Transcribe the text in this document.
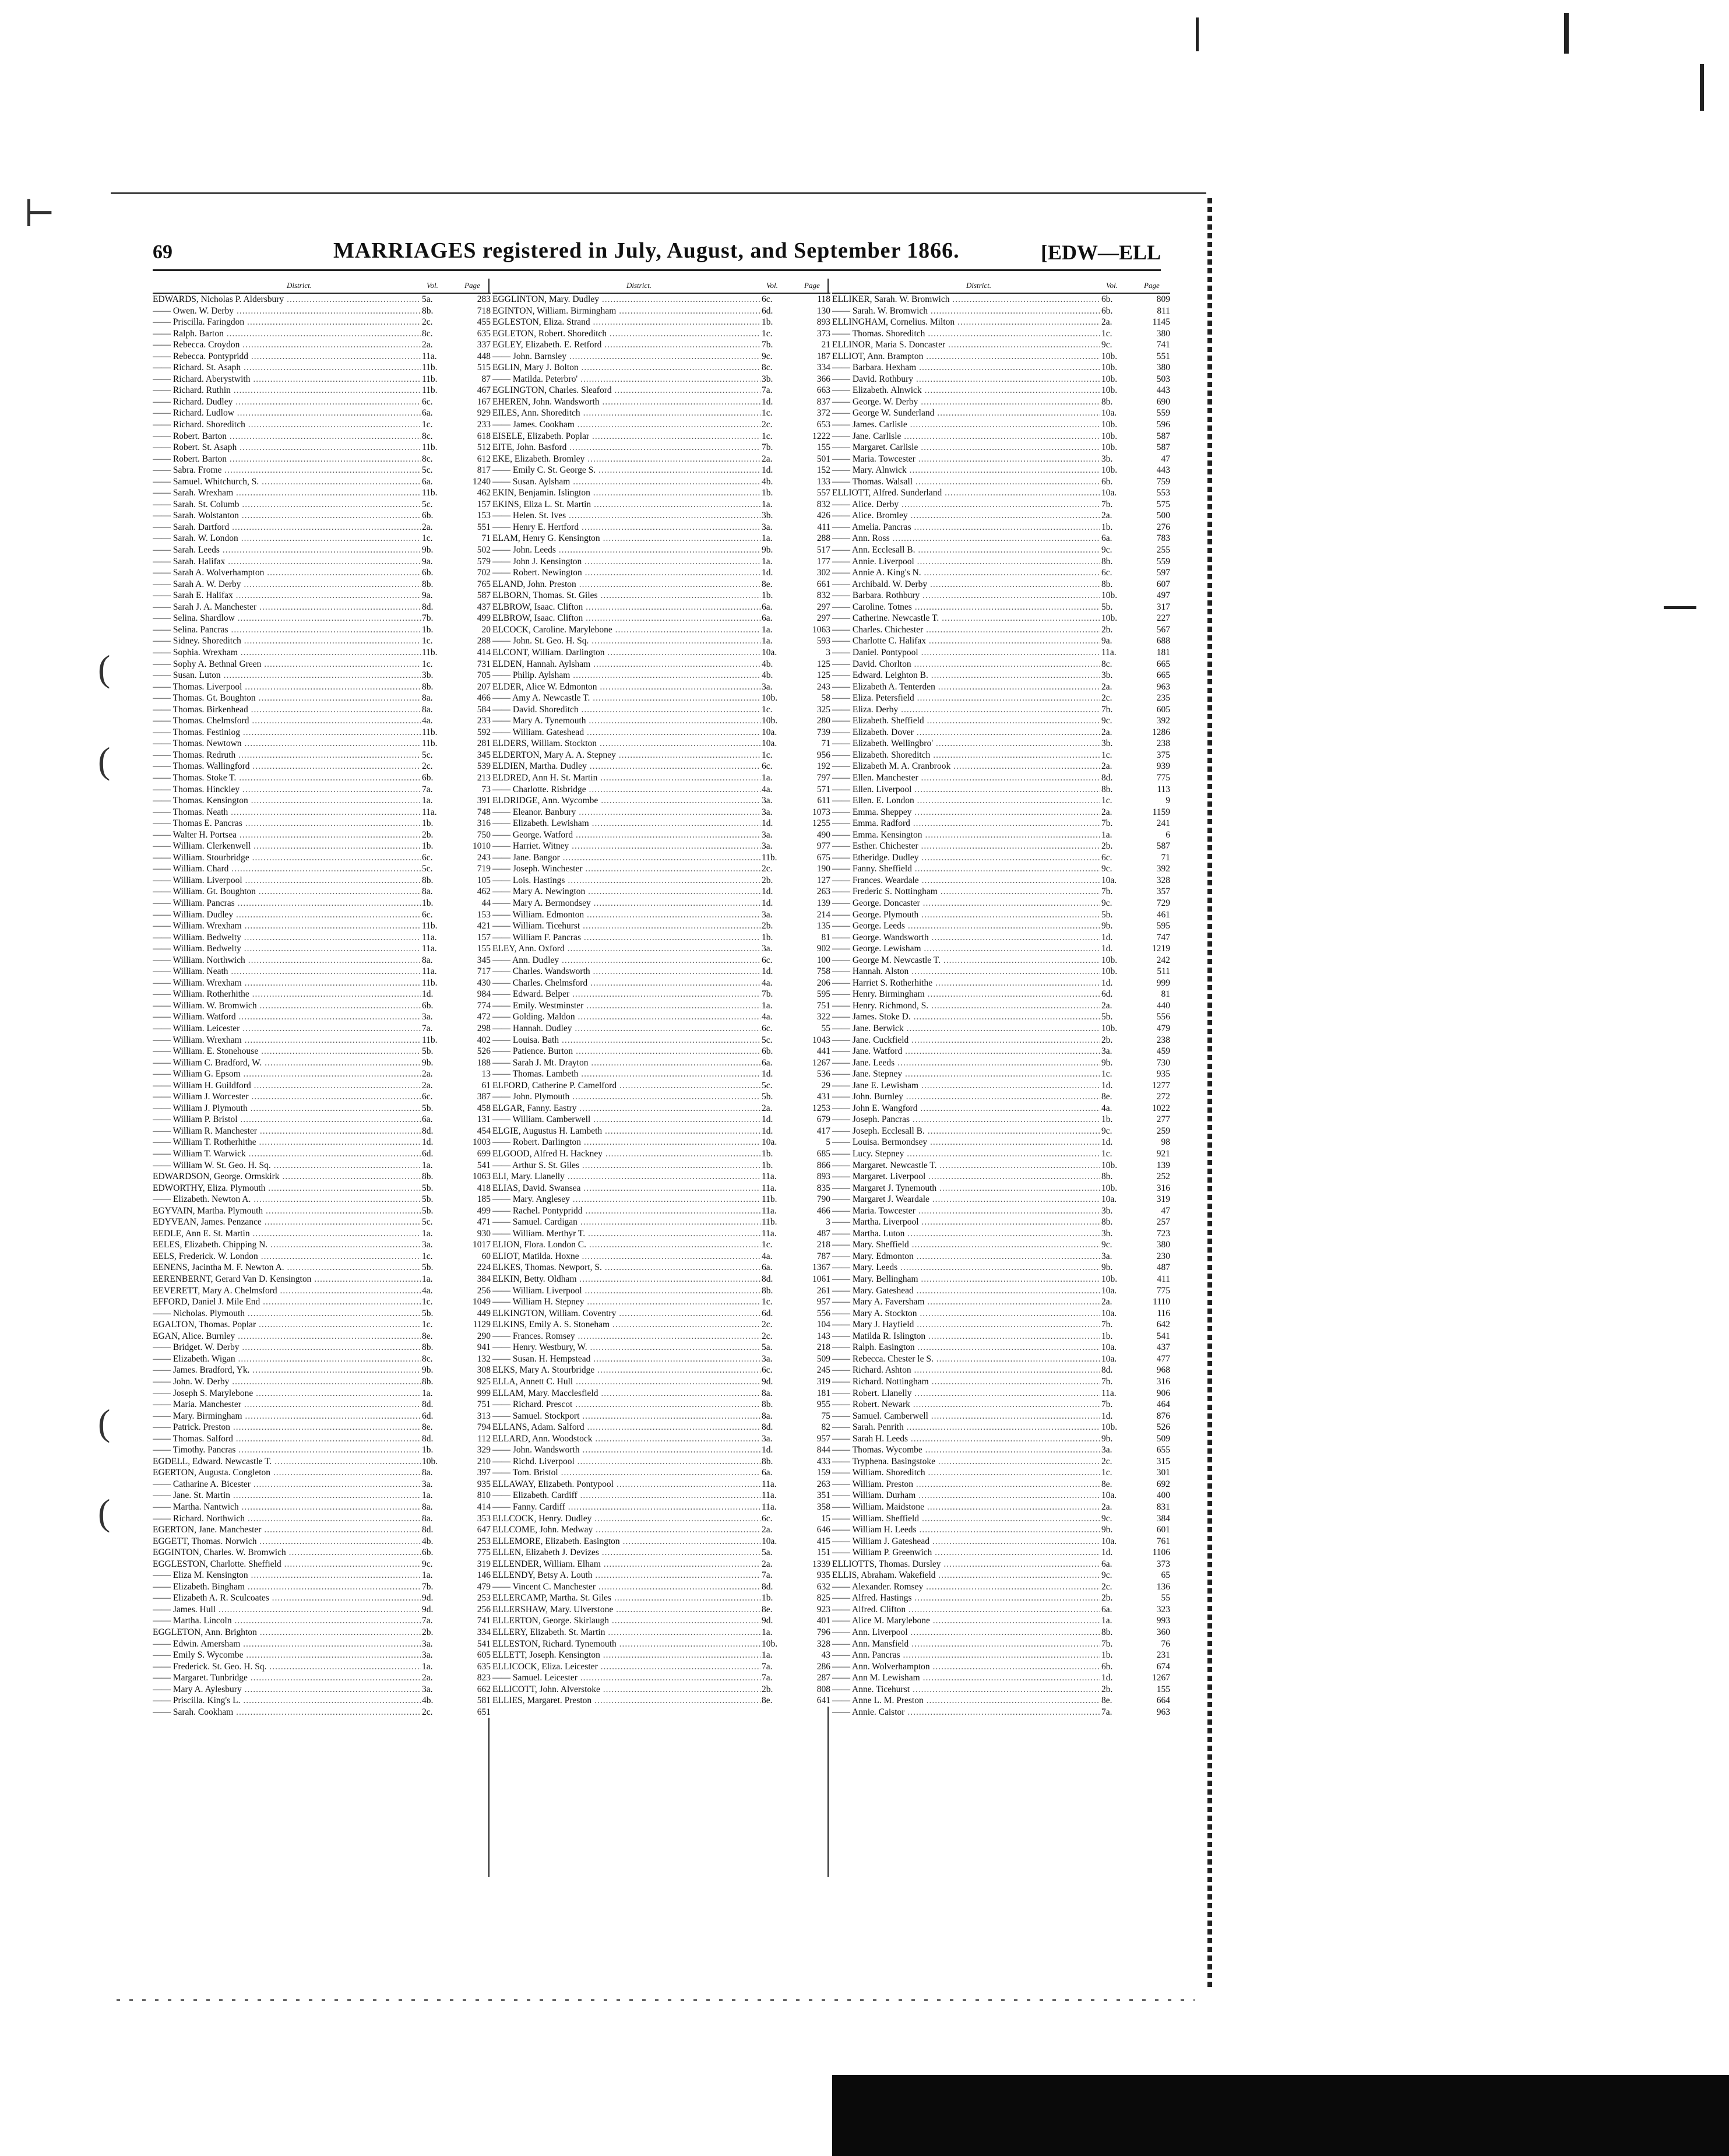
⊢
(
(
(
(
69	MARRIAGES registered in July, August, and September 1866.	[EDW—ELL
District.	Vol.	Page
EDWARDS, Nicholas P. Aldersbury .....	5a.	283
—— Owen. W. Derby .....	8b.	718
—— Priscilla. Faringdon .....	2c.	455
—— Ralph. Barton .....	8c.	635
—— Rebecca. Croydon .....	2a.	337
—— Rebecca. Pontypridd .....	11a.	448
—— Richard. St. Asaph .....	11b.	515
—— Richard. Aberystwith .....	11b.	87
—— Richard. Ruthin .....	11b.	467
—— Richard. Dudley .....	6c.	167
—— Richard. Ludlow .....	6a.	929
—— Richard. Shoreditch .....	1c.	233
—— Robert. Barton .....	8c.	618
—— Robert. St. Asaph .....	11b.	512
—— Robert. Barton .....	8c.	612
—— Sabra. Frome .....	5c.	817
—— Samuel. Whitchurch, S. .....	6a.	1240
—— Sarah. Wrexham .....	11b.	462
—— Sarah. St. Columb .....	5c.	157
—— Sarah. Wolstanton .....	6b.	153
—— Sarah. Dartford .....	2a.	551
—— Sarah. W. London .....	1c.	71
—— Sarah. Leeds .....	9b.	502
—— Sarah. Halifax .....	9a.	579
—— Sarah A. Wolverhampton .....	6b.	702
—— Sarah A. W. Derby .....	8b.	765
—— Sarah E. Halifax .....	9a.	587
—— Sarah J. A. Manchester .....	8d.	437
—— Selina. Shardlow .....	7b.	499
—— Selina. Pancras .....	1b.	20
—— Sidney. Shoreditch .....	1c.	288
—— Sophia. Wrexham .....	11b.	414
—— Sophy A. Bethnal Green .....	1c.	731
—— Susan. Luton .....	3b.	705
—— Thomas. Liverpool .....	8b.	207
—— Thomas. Gt. Boughton .....	8a.	466
—— Thomas. Birkenhead .....	8a.	584
—— Thomas. Chelmsford .....	4a.	233
—— Thomas. Festiniog .....	11b.	592
—— Thomas. Newtown .....	11b.	281
—— Thomas. Redruth .....	5c.	345
—— Thomas. Wallingford .....	2c.	539
—— Thomas. Stoke T. .....	6b.	213
—— Thomas. Hinckley .....	7a.	73
—— Thomas. Kensington .....	1a.	391
—— Thomas. Neath .....	11a.	748
—— Thomas E. Pancras .....	1b.	316
—— Walter H. Portsea .....	2b.	750
—— William. Clerkenwell .....	1b.	1010
—— William. Stourbridge .....	6c.	243
—— William. Chard .....	5c.	719
—— William. Liverpool .....	8b.	105
—— William. Gt. Boughton .....	8a.	462
—— William. Pancras .....	1b.	44
—— William. Dudley .....	6c.	153
—— William. Wrexham .....	11b.	421
—— William. Bedwelty .....	11a.	157
—— William. Bedwelty .....	11a.	155
—— William. Northwich .....	8a.	345
—— William. Neath .....	11a.	717
—— William. Wrexham .....	11b.	430
—— William. Rotherhithe .....	1d.	984
—— William. W. Bromwich .....	6b.	774
—— William. Watford .....	3a.	472
—— William. Leicester .....	7a.	298
—— William. Wrexham .....	11b.	402
—— William. E. Stonehouse .....	5b.	526
—— William C. Bradford, W. .....	9b.	188
—— William G. Epsom .....	2a.	13
—— William H. Guildford .....	2a.	61
—— William J. Worcester .....	6c.	387
—— William J. Plymouth .....	5b.	458
—— William P. Bristol .....	6a.	131
—— William R. Manchester .....	8d.	454
—— William T. Rotherhithe .....	1d.	1003
—— William T. Warwick .....	6d.	699
—— William W. St. Geo. H. Sq. .....	1a.	541
EDWARDSON, George. Ormskirk .....	8b.	1063
EDWORTHY, Eliza. Plymouth .....	5b.	418
—— Elizabeth. Newton A. .....	5b.	185
EGYVAIN, Martha. Plymouth .....	5b.	499
EDYVEAN, James. Penzance .....	5c.	471
EEDLE, Ann E. St. Martin .....	1a.	930
EELES, Elizabeth. Chipping N. .....	3a.	1017
EELS, Frederick. W. London .....	1c.	60
EENENS, Jacintha M. F. Newton A. .....	5b.	224
EERENBERNT, Gerard Van D. Kensington .....	1a.	384
EEVERETT, Mary A. Chelmsford .....	4a.	256
EFFORD, Daniel J. Mile End .....	1c.	1049
—— Nicholas. Plymouth .....	5b.	449
EGALTON, Thomas. Poplar .....	1c.	1129
EGAN, Alice. Burnley .....	8e.	290
—— Bridget. W. Derby .....	8b.	941
—— Elizabeth. Wigan .....	8c.	132
—— James. Bradford, Yk. .....	9b.	308
—— John. W. Derby .....	8b.	925
—— Joseph S. Marylebone .....	1a.	999
—— Maria. Manchester .....	8d.	751
—— Mary. Birmingham .....	6d.	313
—— Patrick. Preston .....	8e.	794
—— Thomas. Salford .....	8d.	112
—— Timothy. Pancras .....	1b.	329
EGDELL, Edward. Newcastle T. .....	10b.	210
EGERTON, Augusta. Congleton .....	8a.	397
—— Catharine A. Bicester .....	3a.	935
—— Jane. St. Martin .....	1a.	810
—— Martha. Nantwich .....	8a.	414
—— Richard. Northwich .....	8a.	353
EGERTON, Jane. Manchester .....	8d.	647
EGGETT, Thomas. Norwich .....	4b.	253
EGGINTON, Charles. W. Bromwich .....	6b.	775
EGGLESTON, Charlotte. Sheffield .....	9c.	319
—— Eliza M. Kensington .....	1a.	146
—— Elizabeth. Bingham .....	7b.	479
—— Elizabeth A. R. Sculcoates .....	9d.	253
—— James. Hull .....	9d.	256
—— Martha. Lincoln .....	7a.	741
EGGLETON, Ann. Brighton .....	2b.	334
—— Edwin. Amersham .....	3a.	541
—— Emily S. Wycombe .....	3a.	605
—— Frederick. St. Geo. H. Sq. .....	1a.	635
—— Margaret. Tunbridge .....	2a.	823
—— Mary A. Aylesbury .....	3a.	662
—— Priscilla. King's L. .....	4b.	581
—— Sarah. Cookham .....	2c.	651
District.	Vol.	Page
EGGLINTON, Mary. Dudley .....	6c.	118
EGINTON, William. Birmingham .....	6d.	130
EGLESTON, Eliza. Strand .....	1b.	893
EGLETON, Robert. Shoreditch .....	1c.	373
EGLEY, Elizabeth. E. Retford .....	7b.	21
—— John. Barnsley .....	9c.	187
EGLIN, Mary J. Bolton .....	8c.	334
—— Matilda. Peterbro' .....	3b.	366
EGLINGTON, Charles. Sleaford .....	7a.	663
EHEREN, John. Wandsworth .....	1d.	837
EILES, Ann. Shoreditch .....	1c.	372
—— James. Cookham .....	2c.	653
EISELE, Elizabeth. Poplar .....	1c.	1222
EITE, John. Basford .....	7b.	155
EKE, Elizabeth. Bromley .....	2a.	501
—— Emily C. St. George S. .....	1d.	152
—— Susan. Aylsham .....	4b.	133
EKIN, Benjamin. Islington .....	1b.	557
EKINS, Eliza L. St. Martin .....	1a.	832
—— Helen. St. Ives .....	3b.	426
—— Henry E. Hertford .....	3a.	411
ELAM, Henry G. Kensington .....	1a.	288
—— John. Leeds .....	9b.	517
—— John J. Kensington .....	1a.	177
—— Robert. Newington .....	1d.	302
ELAND, John. Preston .....	8e.	661
ELBORN, Thomas. St. Giles .....	1b.	832
ELBROW, Isaac. Clifton .....	6a.	297
ELBROW, Isaac. Clifton .....	6a.	297
ELCOCK, Caroline. Marylebone .....	1a.	1063
—— John. St. Geo. H. Sq. .....	1a.	593
ELCONT, William. Darlington .....	10a.	3
ELDEN, Hannah. Aylsham .....	4b.	125
—— Philip. Aylsham .....	4b.	125
ELDER, Alice W. Edmonton .....	3a.	243
—— Amy A. Newcastle T. .....	10b.	58
—— David. Shoreditch .....	1c.	325
—— Mary A. Tynemouth .....	10b.	280
—— William. Gateshead .....	10a.	739
ELDERS, William. Stockton .....	10a.	71
ELDERTON, Mary A. A. Stepney .....	1c.	956
ELDIEN, Martha. Dudley .....	6c.	192
ELDRED, Ann H. St. Martin .....	1a.	797
—— Charlotte. Risbridge .....	4a.	571
ELDRIDGE, Ann. Wycombe .....	3a.	611
—— Eleanor. Banbury .....	3a.	1073
—— Elizabeth. Lewisham .....	1d.	1255
—— George. Watford .....	3a.	490
—— Harriet. Witney .....	3a.	977
—— Jane. Bangor .....	11b.	675
—— Joseph. Winchester .....	2c.	190
—— Lois. Hastings .....	2b.	127
—— Mary A. Newington .....	1d.	263
—— Mary A. Bermondsey .....	1d.	139
—— William. Edmonton .....	3a.	214
—— William. Ticehurst .....	2b.	135
—— William F. Pancras .....	1b.	81
ELEY, Ann. Oxford .....	3a.	902
—— Ann. Dudley .....	6c.	100
—— Charles. Wandsworth .....	1d.	758
—— Charles. Chelmsford .....	4a.	206
—— Edward. Belper .....	7b.	595
—— Emily. Westminster .....	1a.	751
—— Golding. Maldon .....	4a.	322
—— Hannah. Dudley .....	6c.	55
—— Louisa. Bath .....	5c.	1043
—— Patience. Burton .....	6b.	441
—— Sarah J. Mt. Drayton .....	6a.	1267
—— Thomas. Lambeth .....	1d.	536
ELFORD, Catherine P. Camelford .....	5c.	29
—— John. Plymouth .....	5b.	431
ELGAR, Fanny. Eastry .....	2a.	1253
—— William. Camberwell .....	1d.	679
ELGIE, Augustus H. Lambeth .....	1d.	417
—— Robert. Darlington .....	10a.	5
ELGOOD, Alfred H. Hackney .....	1b.	685
—— Arthur S. St. Giles .....	1b.	866
ELI, Mary. Llanelly .....	11a.	893
ELIAS, David. Swansea .....	11a.	835
—— Mary. Anglesey .....	11b.	790
—— Rachel. Pontypridd .....	11a.	466
—— Samuel. Cardigan .....	11b.	3
—— William. Merthyr T. .....	11a.	487
ELION, Flora. London C. .....	1c.	218
ELIOT, Matilda. Hoxne .....	4a.	787
ELKES, Thomas. Newport, S. .....	6a.	1367
ELKIN, Betty. Oldham .....	8d.	1061
—— William. Liverpool .....	8b.	261
—— William H. Stepney .....	1c.	957
ELKINGTON, William. Coventry .....	6d.	556
ELKINS, Emily A. S. Stoneham .....	2c.	104
—— Frances. Romsey .....	2c.	143
—— Henry. Westbury, W. .....	5a.	218
—— Susan. H. Hempstead .....	3a.	509
ELKS, Mary A. Stourbridge .....	6c.	245
ELLA, Annett C. Hull .....	9d.	319
ELLAM, Mary. Macclesfield .....	8a.	181
—— Richard. Prescot .....	8b.	955
—— Samuel. Stockport .....	8a.	75
ELLANS, Adam. Salford .....	8d.	82
ELLARD, Ann. Woodstock .....	3a.	957
—— John. Wandsworth .....	1d.	844
—— Richd. Liverpool .....	8b.	433
—— Tom. Bristol .....	6a.	159
ELLAWAY, Elizabeth. Pontypool .....	11a.	263
—— Elizabeth. Cardiff .....	11a.	351
—— Fanny. Cardiff .....	11a.	358
ELLCOCK, Henry. Dudley .....	6c.	15
ELLCOME, John. Medway .....	2a.	646
ELLEMORE, Elizabeth. Easington .....	10a.	415
ELLEN, Elizabeth J. Devizes .....	5a.	151
ELLENDER, William. Elham .....	2a.	1339
ELLENDY, Betsy A. Louth .....	7a.	935
—— Vincent C. Manchester .....	8d.	632
ELLERCAMP, Martha. St. Giles .....	1b.	825
ELLERSHAW, Mary. Ulverstone .....	8e.	923
ELLERTON, George. Skirlaugh .....	9d.	401
ELLERY, Elizabeth. St. Martin .....	1a.	796
ELLESTON, Richard. Tynemouth .....	10b.	328
ELLETT, Joseph. Kensington .....	1a.	43
ELLICOCK, Eliza. Leicester .....	7a.	286
—— Samuel. Leicester .....	7a.	287
ELLICOTT, John. Alverstoke .....	2b.	808
ELLIES, Margaret. Preston .....	8e.	641
District.	Vol.	Page
ELLIKER, Sarah. W. Bromwich .....	6b.	809
—— Sarah. W. Bromwich .....	6b.	811
ELLINGHAM, Cornelius. Milton .....	2a.	1145
—— Thomas. Shoreditch .....	1c.	380
ELLINOR, Maria S. Doncaster .....	9c.	741
ELLIOT, Ann. Brampton .....	10b.	551
—— Barbara. Hexham .....	10b.	380
—— David. Rothbury .....	10b.	503
—— Elizabeth. Alnwick .....	10b.	443
—— George. W. Derby .....	8b.	690
—— George W. Sunderland .....	10a.	559
—— James. Carlisle .....	10b.	596
—— Jane. Carlisle .....	10b.	587
—— Margaret. Carlisle .....	10b.	587
—— Maria. Towcester .....	3b.	47
—— Mary. Alnwick .....	10b.	443
—— Thomas. Walsall .....	6b.	759
ELLIOTT, Alfred. Sunderland .....	10a.	553
—— Alice. Derby .....	7b.	575
—— Alice. Bromley .....	2a.	500
—— Amelia. Pancras .....	1b.	276
—— Ann. Ross .....	6a.	783
—— Ann. Ecclesall B. .....	9c.	255
—— Annie. Liverpool .....	8b.	559
—— Annie A. King's N. .....	6c.	597
—— Archibald. W. Derby .....	8b.	607
—— Barbara. Rothbury .....	10b.	497
—— Caroline. Totnes .....	5b.	317
—— Catherine. Newcastle T. .....	10b.	227
—— Charles. Chichester .....	2b.	567
—— Charlotte C. Halifax .....	9a.	688
—— Daniel. Pontypool .....	11a.	181
—— David. Chorlton .....	8c.	665
—— Edward. Leighton B. .....	3b.	665
—— Elizabeth A. Tenterden .....	2a.	963
—— Eliza. Petersfield .....	2c.	235
—— Eliza. Derby .....	7b.	605
—— Elizabeth. Sheffield .....	9c.	392
—— Elizabeth. Dover .....	2a.	1286
—— Elizabeth. Wellingbro' .....	3b.	238
—— Elizabeth. Shoreditch .....	1c.	375
—— Elizabeth M. A. Cranbrook .....	2a.	939
—— Ellen. Manchester .....	8d.	775
—— Ellen. Liverpool .....	8b.	113
—— Ellen. E. London .....	1c.	9
—— Emma. Sheppey .....	2a.	1159
—— Emma. Radford .....	7b.	241
—— Emma. Kensington .....	1a.	6
—— Esther. Chichester .....	2b.	587
—— Etheridge. Dudley .....	6c.	71
—— Fanny. Sheffield .....	9c.	392
—— Frances. Weardale .....	10a.	328
—— Frederic S. Nottingham .....	7b.	357
—— George. Doncaster .....	9c.	729
—— George. Plymouth .....	5b.	461
—— George. Leeds .....	9b.	595
—— George. Wandsworth .....	1d.	747
—— George. Lewisham .....	1d.	1219
—— George M. Newcastle T. .....	10b.	242
—— Hannah. Alston .....	10b.	511
—— Harriet S. Rotherhithe .....	1d.	999
—— Henry. Birmingham .....	6d.	81
—— Henry. Richmond, S. .....	2a.	440
—— James. Stoke D. .....	5b.	556
—— Jane. Berwick .....	10b.	479
—— Jane. Cuckfield .....	2b.	238
—— Jane. Watford .....	3a.	459
—— Jane. Leeds .....	9b.	730
—— Jane. Stepney .....	1c.	935
—— Jane E. Lewisham .....	1d.	1277
—— John. Burnley .....	8e.	272
—— John E. Wangford .....	4a.	1022
—— Joseph. Pancras .....	1b.	277
—— Joseph. Ecclesall B. .....	9c.	259
—— Louisa. Bermondsey .....	1d.	98
—— Lucy. Stepney .....	1c.	921
—— Margaret. Newcastle T. .....	10b.	139
—— Margaret. Liverpool .....	8b.	252
—— Margaret J. Tynemouth .....	10b.	316
—— Margaret J. Weardale .....	10a.	319
—— Maria. Towcester .....	3b.	47
—— Martha. Liverpool .....	8b.	257
—— Martha. Luton .....	3b.	723
—— Mary. Sheffield .....	9c.	380
—— Mary. Edmonton .....	3a.	230
—— Mary. Leeds .....	9b.	487
—— Mary. Bellingham .....	10b.	411
—— Mary. Gateshead .....	10a.	775
—— Mary A. Faversham .....	2a.	1110
—— Mary A. Stockton .....	10a.	116
—— Mary J. Hayfield .....	7b.	642
—— Matilda R. Islington .....	1b.	541
—— Ralph. Easington .....	10a.	437
—— Rebecca. Chester le S. .....	10a.	477
—— Richard. Ashton .....	8d.	968
—— Richard. Nottingham .....	7b.	316
—— Robert. Llanelly .....	11a.	906
—— Robert. Newark .....	7b.	464
—— Samuel. Camberwell .....	1d.	876
—— Sarah. Penrith .....	10b.	526
—— Sarah H. Leeds .....	9b.	509
—— Thomas. Wycombe .....	3a.	655
—— Tryphena. Basingstoke .....	2c.	315
—— William. Shoreditch .....	1c.	301
—— William. Preston .....	8e.	692
—— William. Durham .....	10a.	400
—— William. Maidstone .....	2a.	831
—— William. Sheffield .....	9c.	384
—— William H. Leeds .....	9b.	601
—— William J. Gateshead .....	10a.	761
—— William P. Greenwich .....	1d.	1106
ELLIOTTS, Thomas. Dursley .....	6a.	373
ELLIS, Abraham. Wakefield .....	9c.	65
—— Alexander. Romsey .....	2c.	136
—— Alfred. Hastings .....	2b.	55
—— Alfred. Clifton .....	6a.	323
—— Alice M. Marylebone .....	1a.	993
—— Ann. Liverpool .....	8b.	360
—— Ann. Mansfield .....	7b.	76
—— Ann. Pancras .....	1b.	231
—— Ann. Wolverhampton .....	6b.	674
—— Ann M. Lewisham .....	1d.	1267
—— Anne. Ticehurst .....	2b.	155
—— Anne L. M. Preston .....	8e.	664
—— Annie. Caistor .....	7a.	963
